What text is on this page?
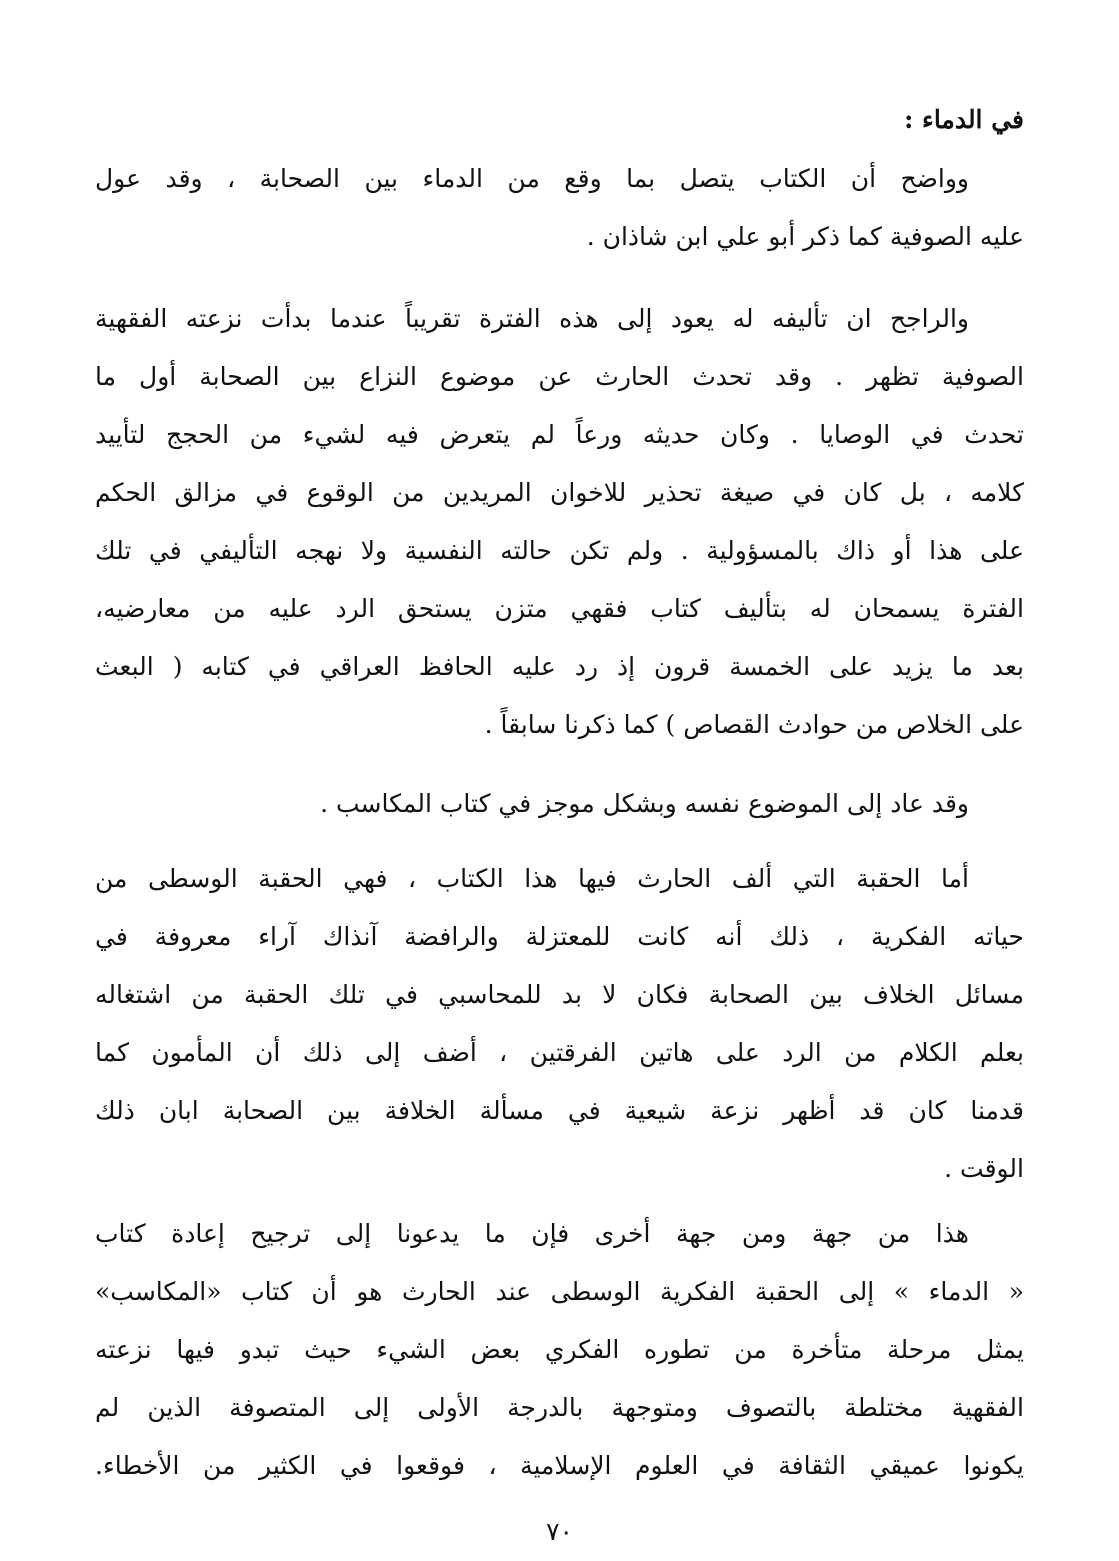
في الدماء :
وواضح أن الكتاب يتصل بما وقع من الدماء بين الصحابة ، وقد عول
عليه الصوفية كما ذكر أبو علي ابن شاذان .
والراجح ان تأليفه له يعود إلى هذه الفترة تقريباً عندما بدأت نزعته الفقهية
الصوفية تظهر . وقد تحدث الحارث عن موضوع النزاع بين الصحابة أول ما
تحدث في الوصايا . وكان حديثه ورعاً لم يتعرض فيه لشيء من الحجج لتأييد
كلامه ، بل كان في صيغة تحذير للاخوان المريدين من الوقوع في مزالق الحكم
على هذا أو ذاك بالمسؤولية . ولم تكن حالته النفسية ولا نهجه التأليفي في تلك
الفترة يسمحان له بتأليف كتاب فقهي متزن يستحق الرد عليه من معارضيه،
بعد ما يزيد على الخمسة قرون إذ رد عليه الحافظ العراقي في كتابه ( البعث
على الخلاص من حوادث القصاص ) كما ذكرنا سابقاً .
وقد عاد إلى الموضوع نفسه وبشكل موجز في كتاب المكاسب .
أما الحقبة التي ألف الحارث فيها هذا الكتاب ، فهي الحقبة الوسطى من
حياته الفكرية ، ذلك أنه كانت للمعتزلة والرافضة آنذاك آراء معروفة في
مسائل الخلاف بين الصحابة فكان لا بد للمحاسبي في تلك الحقبة من اشتغاله
بعلم الكلام من الرد على هاتين الفرقتين ، أضف إلى ذلك أن المأمون كما
قدمنا كان قد أظهر نزعة شيعية في مسألة الخلافة بين الصحابة ابان ذلك
الوقت .
هذا من جهة ومن جهة أخرى فإن ما يدعونا إلى ترجيح إعادة كتاب
« الدماء » إلى الحقبة الفكرية الوسطى عند الحارث هو أن كتاب «المكاسب»
يمثل مرحلة متأخرة من تطوره الفكري بعض الشيء حيث تبدو فيها نزعته
الفقهية مختلطة بالتصوف ومتوجهة بالدرجة الأولى إلى المتصوفة الذين لم
يكونوا عميقي الثقافة في العلوم الإسلامية ، فوقعوا في الكثير من الأخطاء.
٧٠
